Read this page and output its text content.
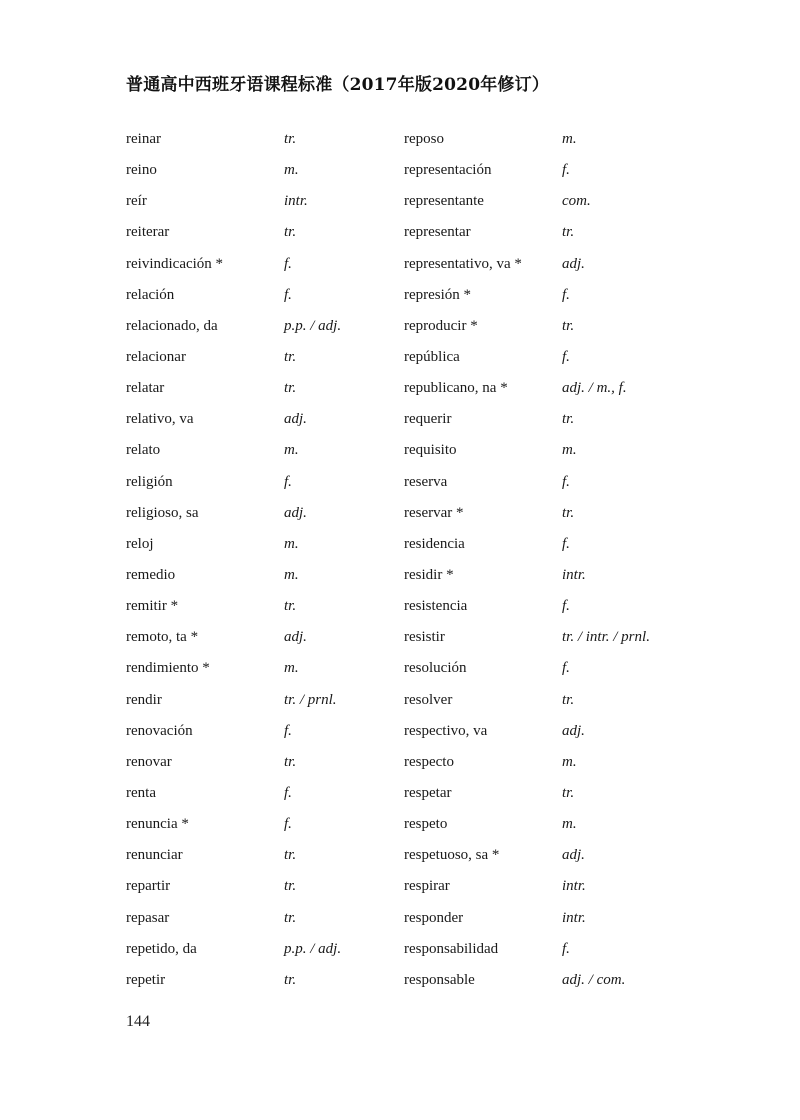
普通高中西班牙语课程标准（2017年版2020年修订）
reinar	tr.	reposo	m.
reino	m.	representación	f.
reír	intr.	representante	com.
reiterar	tr.	representar	tr.
reivindicación *	f.	representativo, va *	adj.
relación	f.	represión *	f.
relacionado, da	p.p. / adj.	reproducir *	tr.
relacionar	tr.	república	f.
relatar	tr.	republicano, na *	adj. / m., f.
relativo, va	adj.	requerir	tr.
relato	m.	requisito	m.
religión	f.	reserva	f.
religioso, sa	adj.	reservar *	tr.
reloj	m.	residencia	f.
remedio	m.	residir *	intr.
remitir *	tr.	resistencia	f.
remoto, ta *	adj.	resistir	tr. / intr. / prnl.
rendimiento *	m.	resolución	f.
rendir	tr. / prnl.	resolver	tr.
renovación	f.	respectivo, va	adj.
renovar	tr.	respecto	m.
renta	f.	respetar	tr.
renuncia *	f.	respeto	m.
renunciar	tr.	respetuoso, sa *	adj.
repartir	tr.	respirar	intr.
repasar	tr.	responder	intr.
repetido, da	p.p. / adj.	responsabilidad	f.
repetir	tr.	responsable	adj. / com.
144
